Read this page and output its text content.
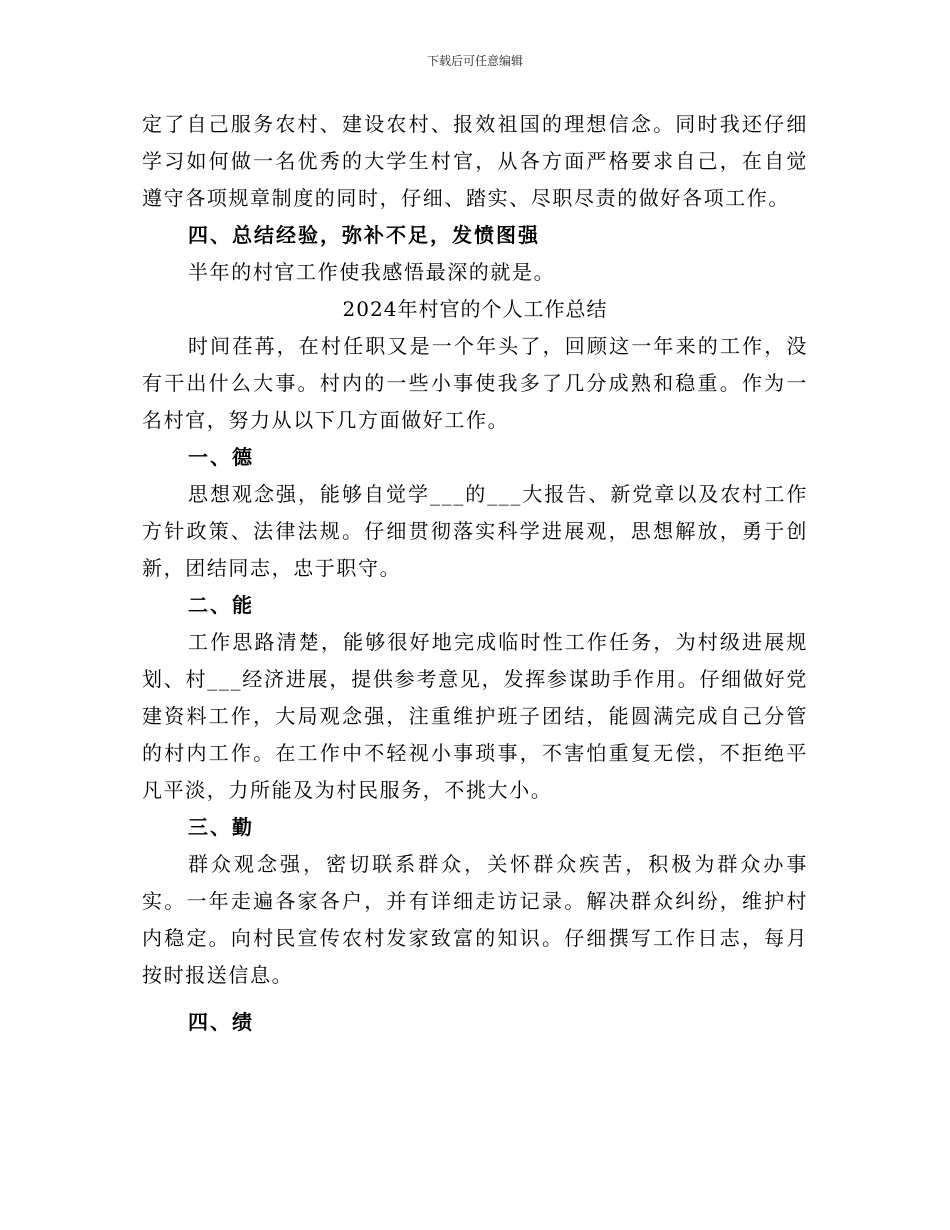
下载后可任意编辑

定了自己服务农村、建设农村、报效祖国的理想信念。同时我还仔细学习如何做一名优秀的大学生村官，从各方面严格要求自己，在自觉遵守各项规章制度的同时，仔细、踏实、尽职尽责的做好各项工作。

四、总结经验，弥补不足，发愤图强

半年的村官工作使我感悟最深的就是。

2024年村官的个人工作总结

时间荏苒，在村任职又是一个年头了，回顾这一年来的工作，没有干出什么大事。村内的一些小事使我多了几分成熟和稳重。作为一名村官，努力从以下几方面做好工作。

一、德

思想观念强，能够自觉学___的___大报告、新党章以及农村工作方针政策、法律法规。仔细贯彻落实科学进展观，思想解放，勇于创新，团结同志，忠于职守。

二、能

工作思路清楚，能够很好地完成临时性工作任务，为村级进展规划、村___经济进展，提供参考意见，发挥参谋助手作用。仔细做好党建资料工作，大局观念强，注重维护班子团结，能圆满完成自己分管的村内工作。在工作中不轻视小事琐事，不害怕重复无偿，不拒绝平凡平淡，力所能及为村民服务，不挑大小。

三、勤

群众观念强，密切联系群众，关怀群众疾苦，积极为群众办事实。一年走遍各家各户，并有详细走访记录。解决群众纠纷，维护村内稳定。向村民宣传农村发家致富的知识。仔细撰写工作日志，每月按时报送信息。

四、绩
